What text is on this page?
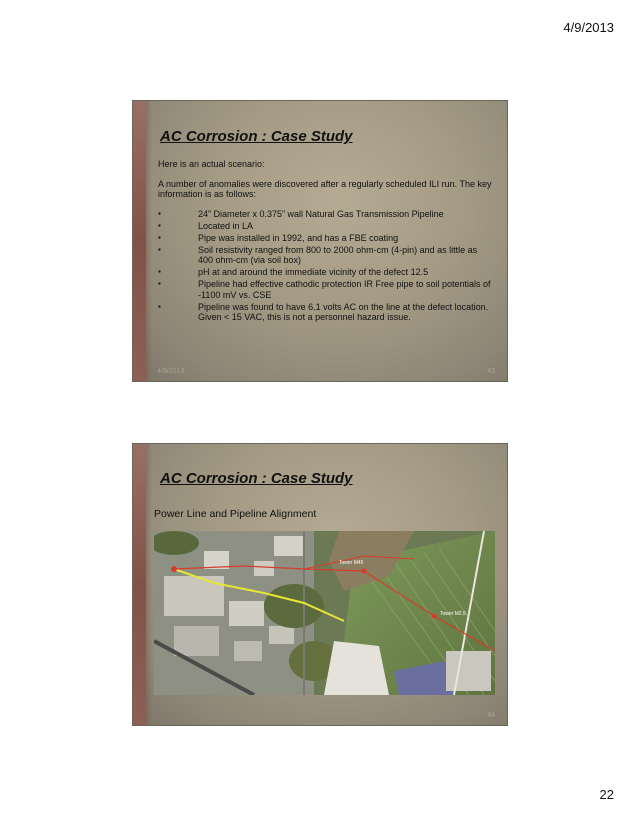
4/9/2013
AC Corrosion : Case Study

Here is an actual scenario:

A number of anomalies were discovered after a regularly scheduled ILI run. The key information is as follows:

▪	24” Diameter x 0.375” wall Natural Gas Transmission Pipeline
▪	Located in LA
▪	Pipe was installed in 1992, and has a FBE coating
▪	Soil resistivity ranged from 800 to 2000 ohm-cm (4-pin) and as little as 400 ohm-cm (via soil box)
▪	pH at and around the immediate vicinity of the defect 12.5
▪	Pipeline had effective cathodic protection IR Free pipe to soil potentials of -1100 mV vs. CSE
▪	Pipeline was found to have 6.1 volts AC on the line at the defect location. Given < 15 VAC, this is not a personnel hazard issue.
4/9/2013	43
AC Corrosion : Case Study
Power Line and Pipeline Alignment
Tower M45
Tower M2.5
44
22
